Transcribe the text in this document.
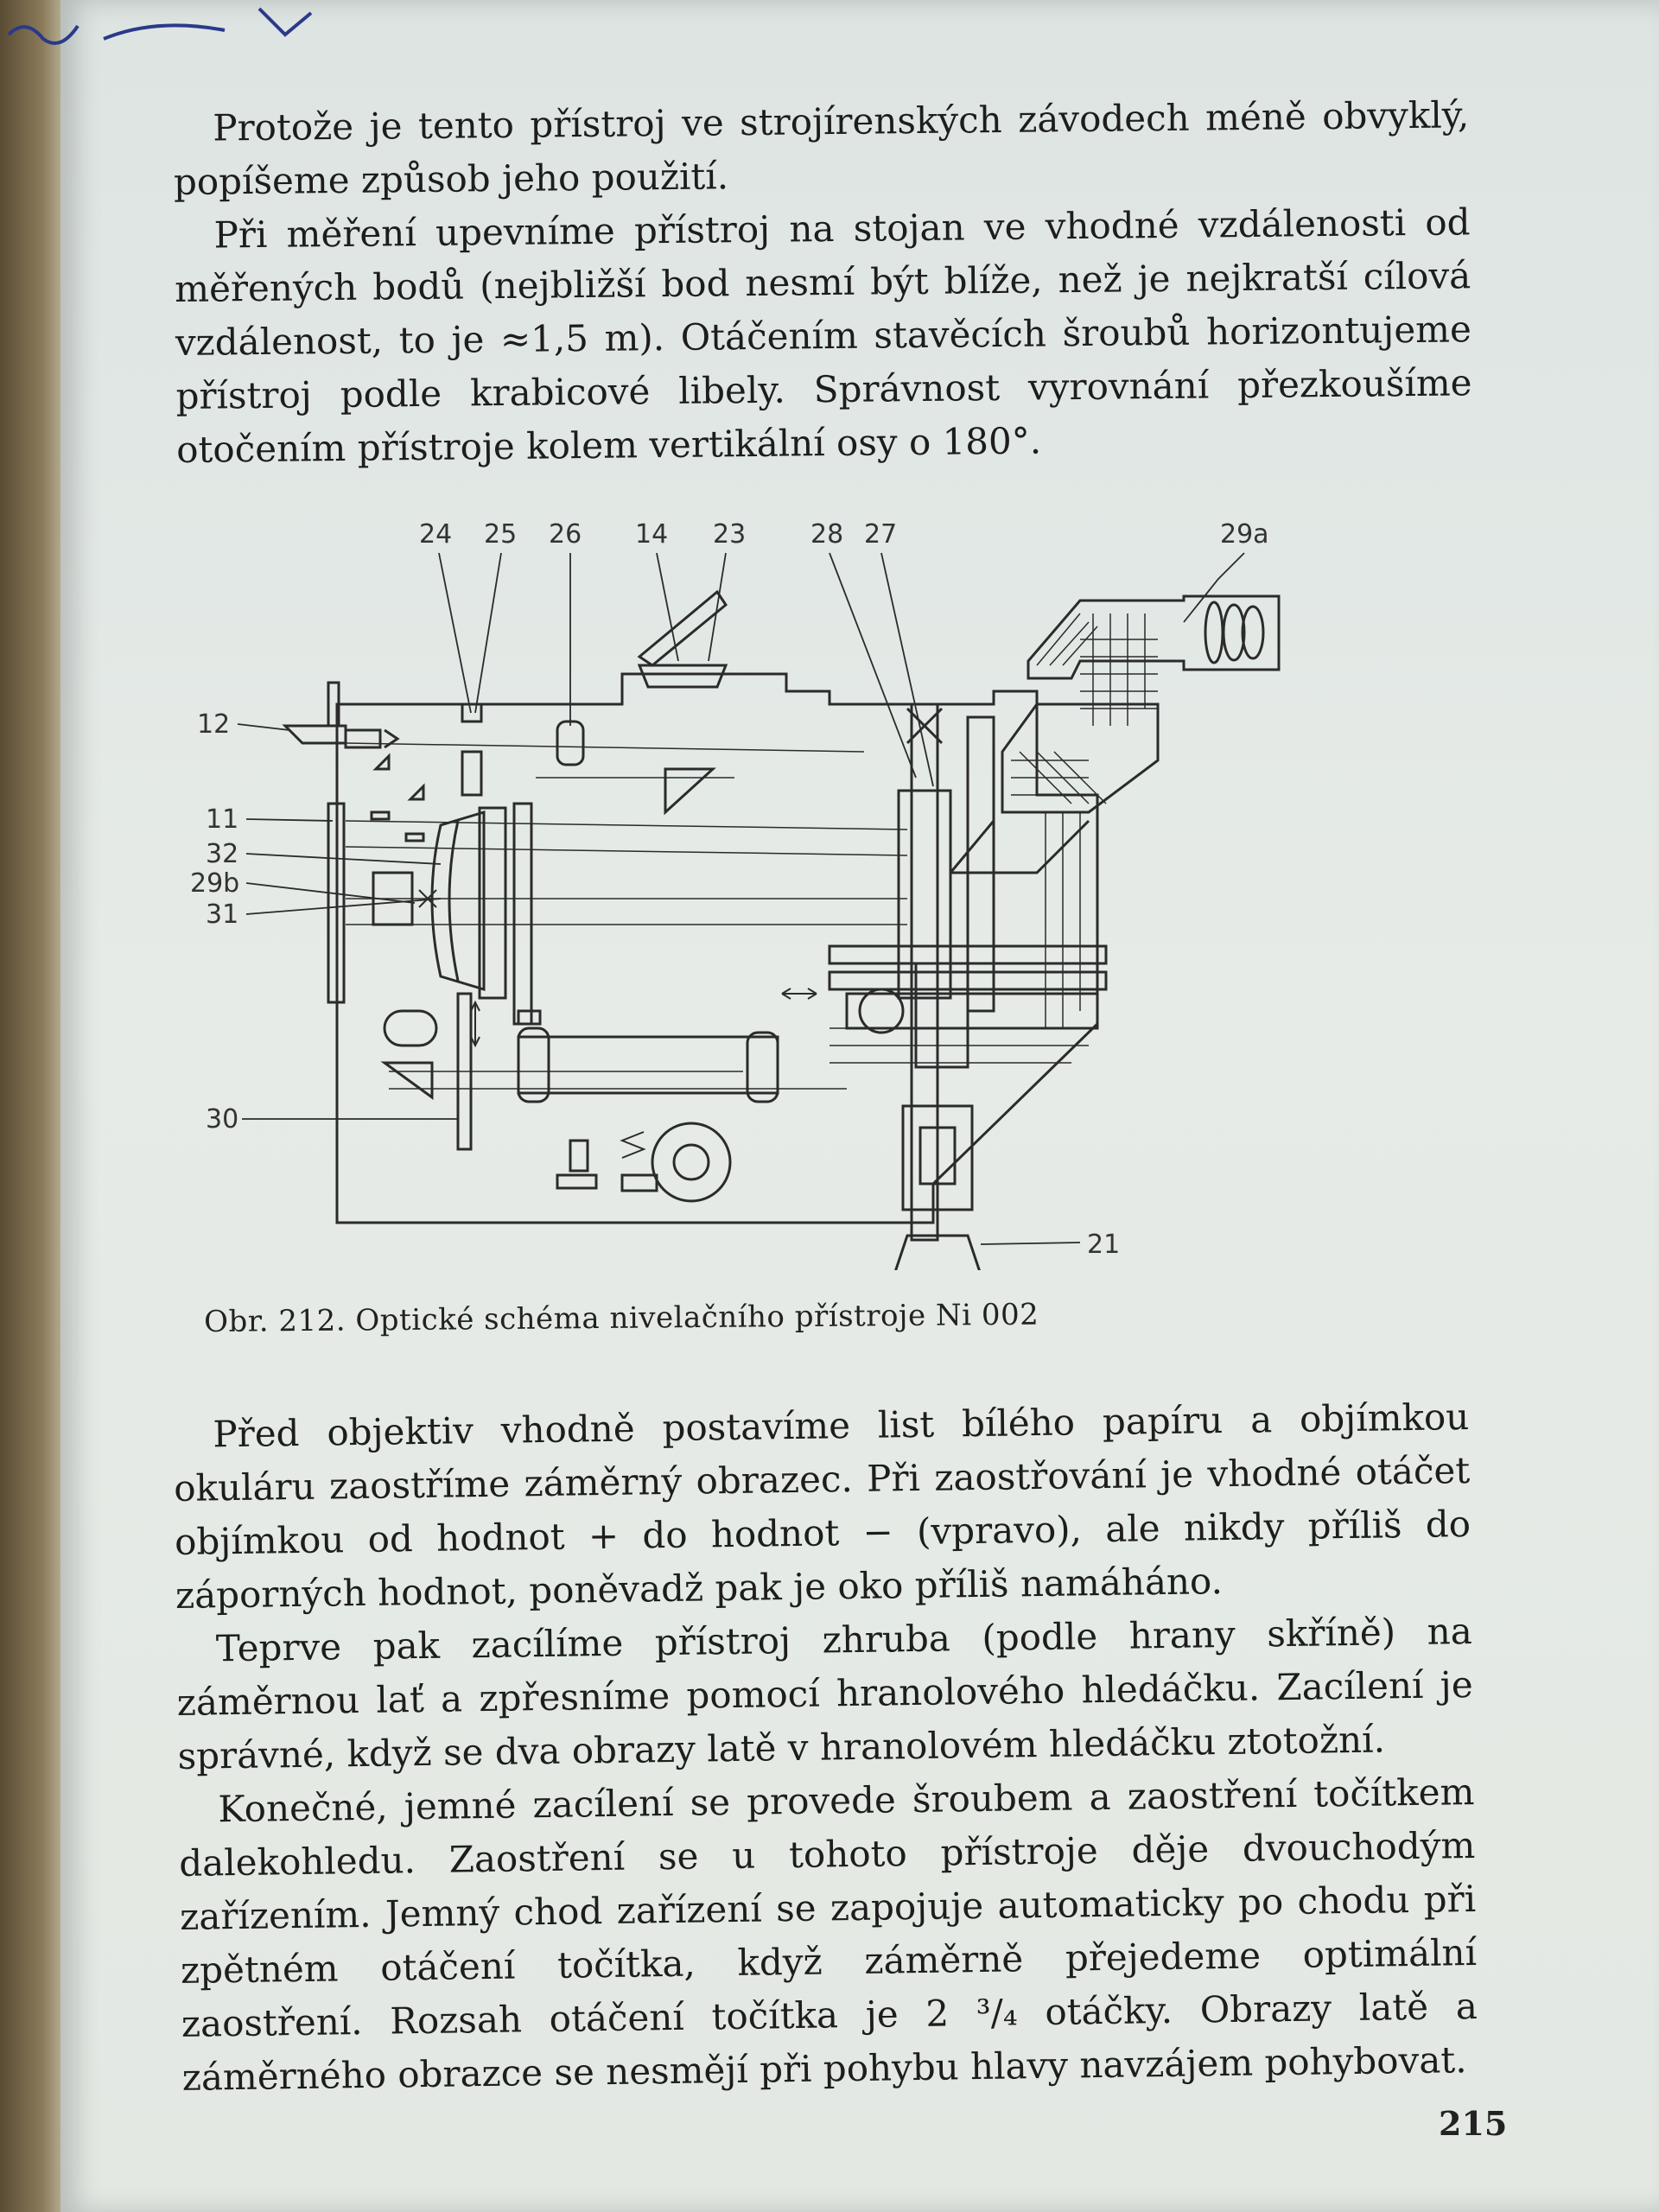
Protože je tento přístroj ve strojírenských závodech méně obvyklý, popíšeme způsob jeho použití.

Při měření upevníme přístroj na stojan ve vhodné vzdálenosti od měřených bodů (nejbližší bod nesmí být blíže, než je nejkratší cílová vzdálenost, to je ≈1,5 m). Otáčením stavěcích šroubů horizontujeme přístroj podle krabicové libely. Správnost vyrovnání přezkoušíme otočením přístroje kolem vertikální osy o 180°.

24 25 26 14 23 28 27	29a
12
11
32
29b
31
30
21
Obr. 212. Optické schéma nivelačního přístroje Ni 002

Před objektiv vhodně postavíme list bílého papíru a objímkou okuláru zaostříme záměrný obrazec. Při zaostřování je vhodné otáčet objímkou od hodnot + do hodnot − (vpravo), ale nikdy příliš do záporných hodnot, poněvadž pak je oko příliš namáháno.

Teprve pak zacílíme přístroj zhruba (podle hrany skříně) na záměrnou lať a zpřesníme pomocí hranolového hledáčku. Zacílení je správné, když se dva obrazy latě v hranolovém hledáčku ztotožní.

Konečné, jemné zacílení se provede šroubem a zaostření točítkem dalekohledu. Zaostření se u tohoto přístroje děje dvouchodým zařízením. Jemný chod zařízení se zapojuje automaticky po chodu při zpětném otáčení točítka, když záměrně přejedeme optimální zaostření. Rozsah otáčení točítka je 2 ³/₄ otáčky. Obrazy latě a záměrného obrazce se nesmějí při pohybu hlavy navzájem pohybovat.

215
